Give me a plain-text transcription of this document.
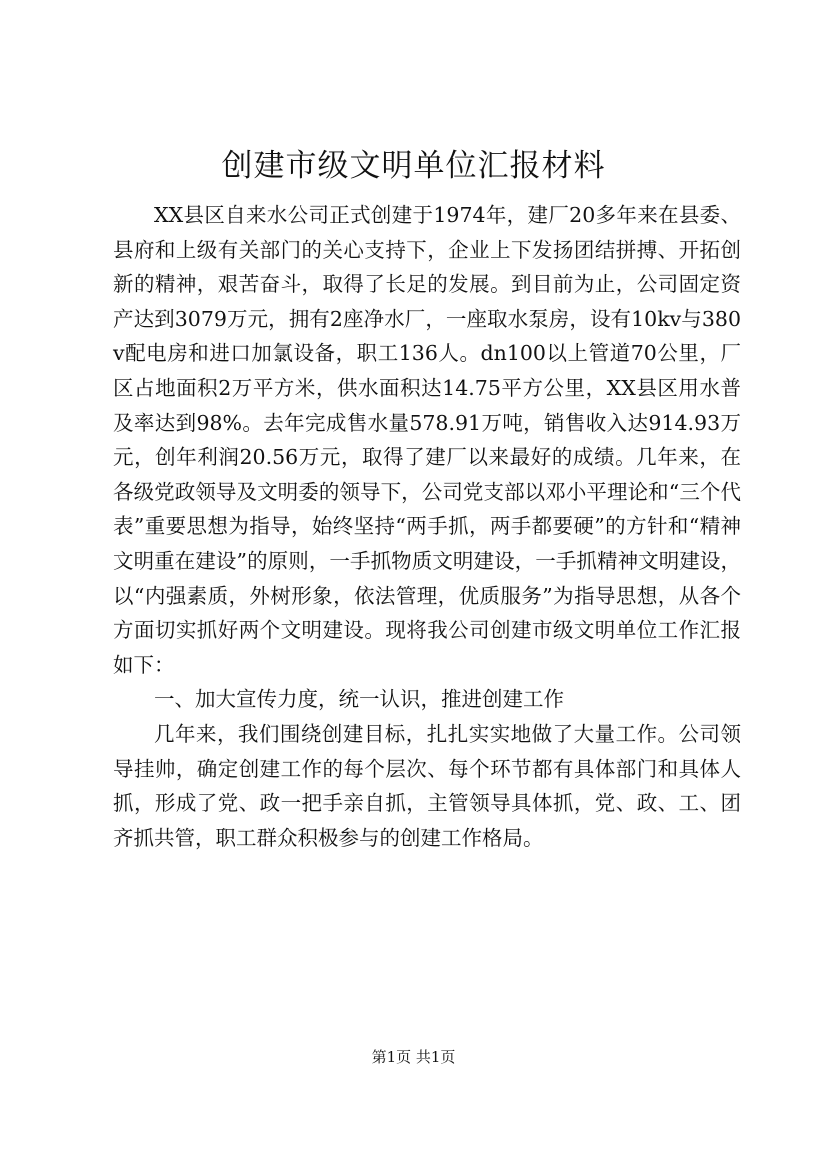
创建市级文明单位汇报材料

XX县区自来水公司正式创建于1974年，建厂20多年来在县委、县府和上级有关部门的关心支持下，企业上下发扬团结拼搏、开拓创新的精神，艰苦奋斗，取得了长足的发展。到目前为止，公司固定资产达到3079万元，拥有2座净水厂，一座取水泵房，设有10kv与380v配电房和进口加氯设备，职工136人。dn100以上管道70公里，厂区占地面积2万平方米，供水面积达14.75平方公里，XX县区用水普及率达到98%。去年完成售水量578.91万吨，销售收入达914.93万元，创年利润20.56万元，取得了建厂以来最好的成绩。几年来，在各级党政领导及文明委的领导下，公司党支部以邓小平理论和“三个代表”重要思想为指导，始终坚持“两手抓，两手都要硬”的方针和“精神文明重在建设”的原则，一手抓物质文明建设，一手抓精神文明建设，以“内强素质，外树形象，依法管理，优质服务”为指导思想，从各个方面切实抓好两个文明建设。现将我公司创建市级文明单位工作汇报如下：

一、加大宣传力度，统一认识，推进创建工作

几年来，我们围绕创建目标，扎扎实实地做了大量工作。公司领导挂帅，确定创建工作的每个层次、每个环节都有具体部门和具体人抓，形成了党、政一把手亲自抓，主管领导具体抓，党、政、工、团齐抓共管，职工群众积极参与的创建工作格局。

第1页 共1页
